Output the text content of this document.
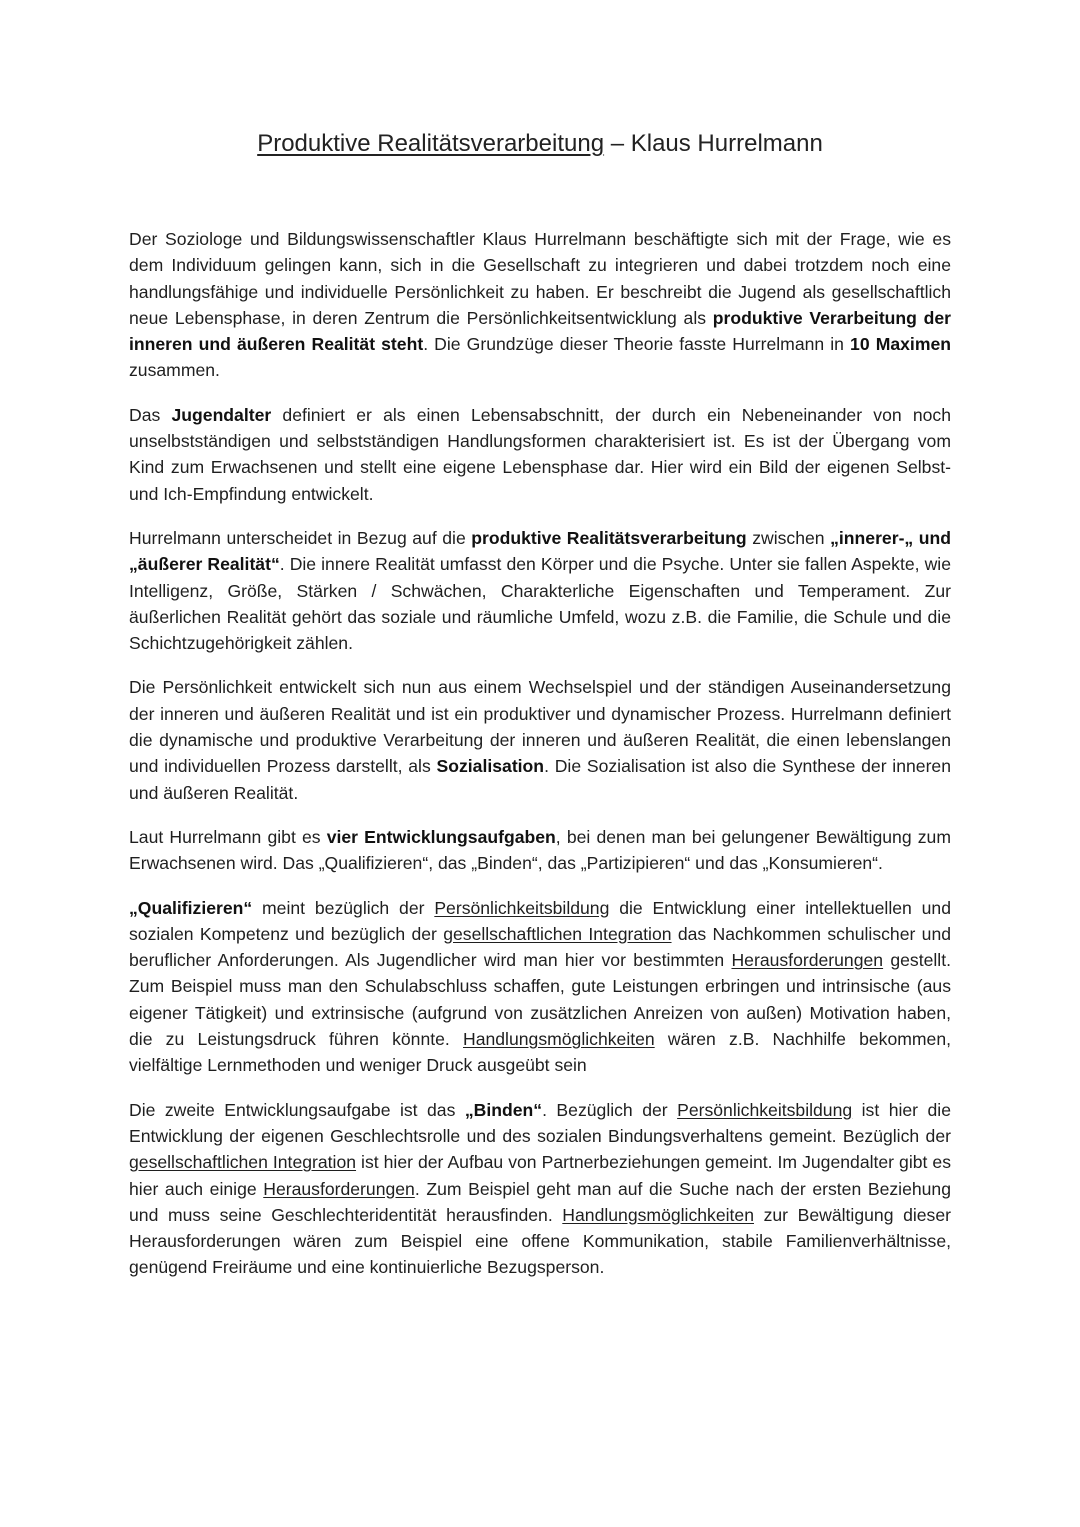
Produktive Realitätsverarbeitung – Klaus Hurrelmann

Der Soziologe und Bildungswissenschaftler Klaus Hurrelmann beschäftigte sich mit der Frage, wie es dem Individuum gelingen kann, sich in die Gesellschaft zu integrieren und dabei trotzdem noch eine handlungsfähige und individuelle Persönlichkeit zu haben. Er beschreibt die Jugend als gesellschaftlich neue Lebensphase, in deren Zentrum die Persönlichkeitsentwicklung als produktive Verarbeitung der inneren und äußeren Realität steht. Die Grundzüge dieser Theorie fasste Hurrelmann in 10 Maximen zusammen.

Das Jugendalter definiert er als einen Lebensabschnitt, der durch ein Nebeneinander von noch unselbstständigen und selbstständigen Handlungsformen charakterisiert ist. Es ist der Übergang vom Kind zum Erwachsenen und stellt eine eigene Lebensphase dar. Hier wird ein Bild der eigenen Selbst- und Ich-Empfindung entwickelt.

Hurrelmann unterscheidet in Bezug auf die produktive Realitätsverarbeitung zwischen „innerer-„ und „äußerer Realität“. Die innere Realität umfasst den Körper und die Psyche. Unter sie fallen Aspekte, wie Intelligenz, Größe, Stärken / Schwächen, Charakterliche Eigenschaften und Temperament. Zur äußerlichen Realität gehört das soziale und räumliche Umfeld, wozu z.B. die Familie, die Schule und die Schichtzugehörigkeit zählen.

Die Persönlichkeit entwickelt sich nun aus einem Wechselspiel und der ständigen Auseinandersetzung der inneren und äußeren Realität und ist ein produktiver und dynamischer Prozess. Hurrelmann definiert die dynamische und produktive Verarbeitung der inneren und äußeren Realität, die einen lebenslangen und individuellen Prozess darstellt, als Sozialisation. Die Sozialisation ist also die Synthese der inneren und äußeren Realität.

Laut Hurrelmann gibt es vier Entwicklungsaufgaben, bei denen man bei gelungener Bewältigung zum Erwachsenen wird. Das „Qualifizieren“, das „Binden“, das „Partizipieren“ und das „Konsumieren“.

„Qualifizieren“ meint bezüglich der Persönlichkeitsbildung die Entwicklung einer intellektuellen und sozialen Kompetenz und bezüglich der gesellschaftlichen Integration das Nachkommen schulischer und beruflicher Anforderungen. Als Jugendlicher wird man hier vor bestimmten Herausforderungen gestellt. Zum Beispiel muss man den Schulabschluss schaffen, gute Leistungen erbringen und intrinsische (aus eigener Tätigkeit) und extrinsische (aufgrund von zusätzlichen Anreizen von außen) Motivation haben, die zu Leistungsdruck führen könnte. Handlungsmöglichkeiten wären z.B. Nachhilfe bekommen, vielfältige Lernmethoden und weniger Druck ausgeübt sein

Die zweite Entwicklungsaufgabe ist das „Binden“. Bezüglich der Persönlichkeitsbildung ist hier die Entwicklung der eigenen Geschlechtsrolle und des sozialen Bindungsverhaltens gemeint. Bezüglich der gesellschaftlichen Integration ist hier der Aufbau von Partnerbeziehungen gemeint. Im Jugendalter gibt es hier auch einige Herausforderungen. Zum Beispiel geht man auf die Suche nach der ersten Beziehung und muss seine Geschlechteridentität herausfinden. Handlungsmöglichkeiten zur Bewältigung dieser Herausforderungen wären zum Beispiel eine offene Kommunikation, stabile Familienverhältnisse, genügend Freiräume und eine kontinuierliche Bezugsperson.
